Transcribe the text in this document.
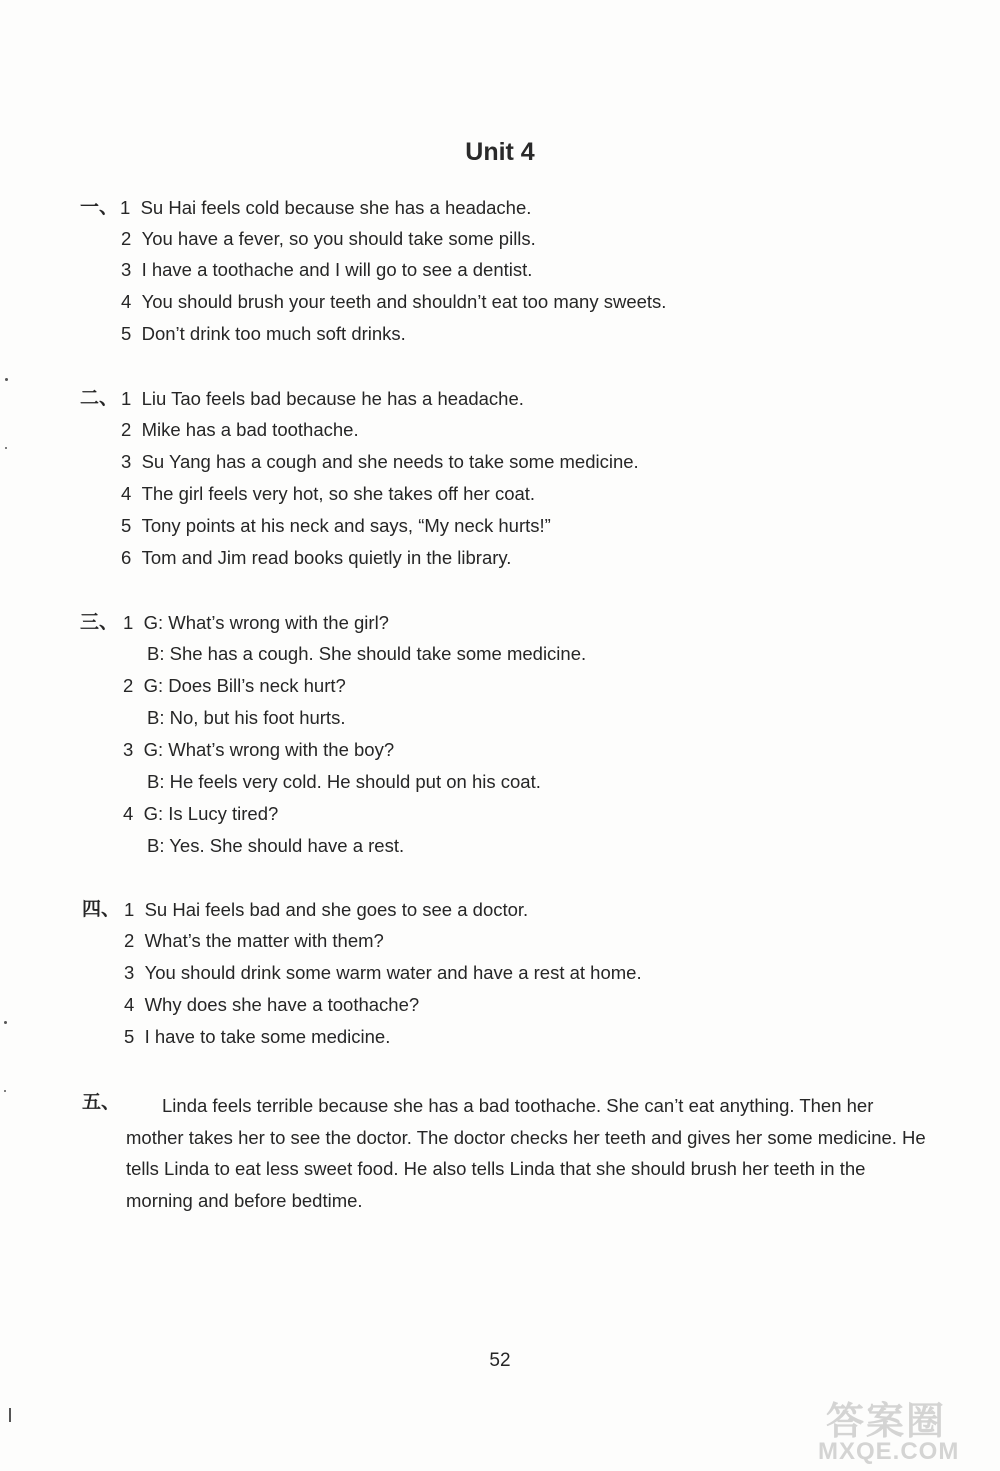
Unit 4
一、 1 Su Hai feels cold because she has a headache.
2 You have a fever, so you should take some pills.
3 I have a toothache and I will go to see a dentist.
4 You should brush your teeth and shouldn’t eat too many sweets.
5 Don’t drink too much soft drinks.
二、 1 Liu Tao feels bad because he has a headache.
2 Mike has a bad toothache.
3 Su Yang has a cough and she needs to take some medicine.
4 The girl feels very hot, so she takes off her coat.
5 Tony points at his neck and says, “My neck hurts!”
6 Tom and Jim read books quietly in the library.
三、 1 G: What’s wrong with the girl?
B: She has a cough. She should take some medicine.
2 G: Does Bill’s neck hurt?
B: No, but his foot hurts.
3 G: What’s wrong with the boy?
B: He feels very cold. He should put on his coat.
4 G: Is Lucy tired?
B: Yes. She should have a rest.
四、 1 Su Hai feels bad and she goes to see a doctor.
2 What’s the matter with them?
3 You should drink some warm water and have a rest at home.
4 Why does she have a toothache?
5 I have to take some medicine.
五、	Linda feels terrible because she has a bad toothache. She can’t eat anything. Then her mother takes her to see the doctor. The doctor checks her teeth and gives her some medicine. He tells Linda to eat less sweet food. He also tells Linda that she should brush her teeth in the morning and before bedtime.
52
答案圈
MXQE.COM
